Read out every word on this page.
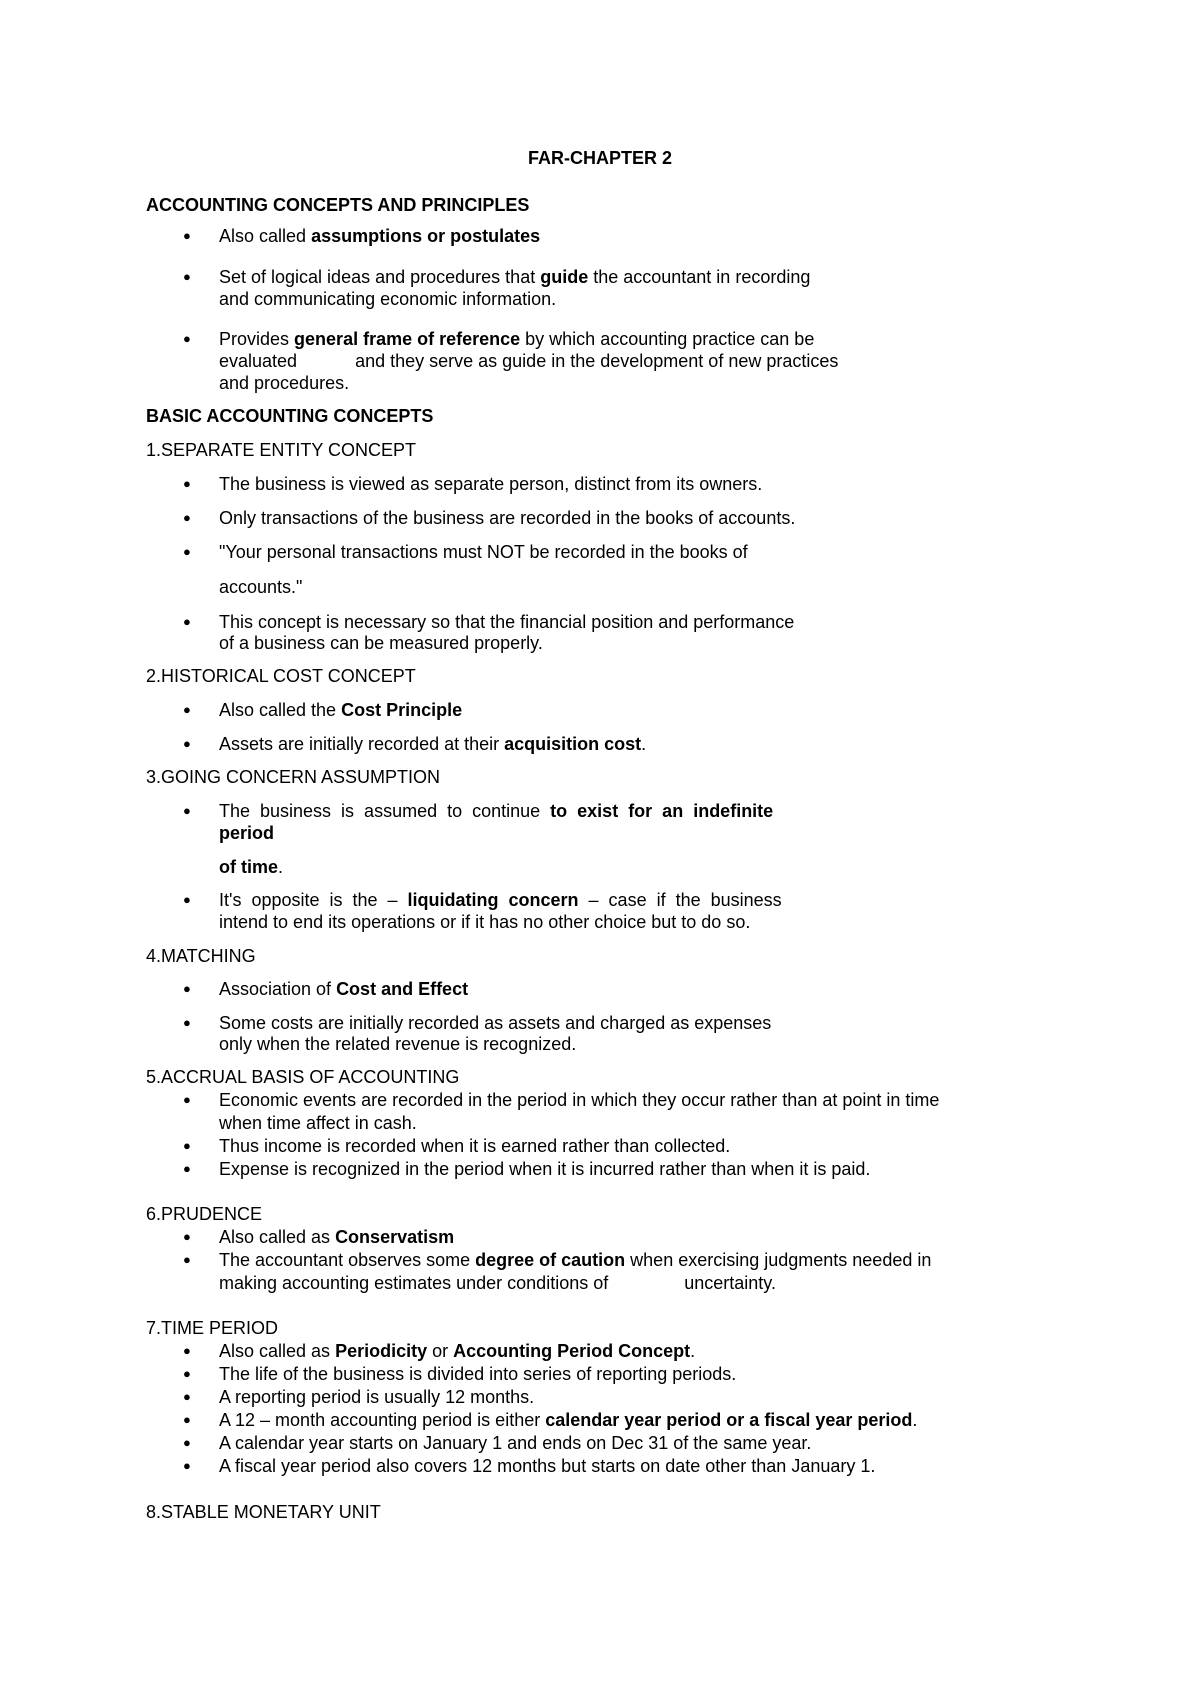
FAR-CHAPTER 2
ACCOUNTING CONCEPTS AND PRINCIPLES
● Also called assumptions or postulates
● Set of logical ideas and procedures that guide the accountant in recording
and communicating economic information.
● Provides general frame of reference by which accounting practice can be
evaluated	and they serve as guide in the development of new practices
and procedures.
BASIC ACCOUNTING CONCEPTS
1.SEPARATE ENTITY CONCEPT
● The business is viewed as separate person, distinct from its owners.
● Only transactions of the business are recorded in the books of accounts.
● "Your personal transactions must NOT be recorded in the books of
accounts."
● This concept is necessary so that the financial position and performance
of a business can be measured properly.
2.HISTORICAL COST CONCEPT
● Also called the Cost Principle
● Assets are initially recorded at their acquisition cost.
3.GOING CONCERN ASSUMPTION
● The business is assumed to continue to exist for an indefinite
period
of time.
● It's opposite is the – liquidating concern – case if the business
intend to end its operations or if it has no other choice but to do so.
4.MATCHING
● Association of Cost and Effect
● Some costs are initially recorded as assets and charged as expenses
only when the related revenue is recognized.
5.ACCRUAL BASIS OF ACCOUNTING
● Economic events are recorded in the period in which they occur rather than at point in time
when time affect in cash.
● Thus income is recorded when it is earned rather than collected.
● Expense is recognized in the period when it is incurred rather than when it is paid.
6.PRUDENCE
● Also called as Conservatism
● The accountant observes some degree of caution when exercising judgments needed in
making accounting estimates under conditions of	uncertainty.
7.TIME PERIOD
● Also called as Periodicity or Accounting Period Concept.
● The life of the business is divided into series of reporting periods.
● A reporting period is usually 12 months.
● A 12 – month accounting period is either calendar year period or a fiscal year period.
● A calendar year starts on January 1 and ends on Dec 31 of the same year.
● A fiscal year period also covers 12 months but starts on date other than January 1.
8.STABLE MONETARY UNIT
